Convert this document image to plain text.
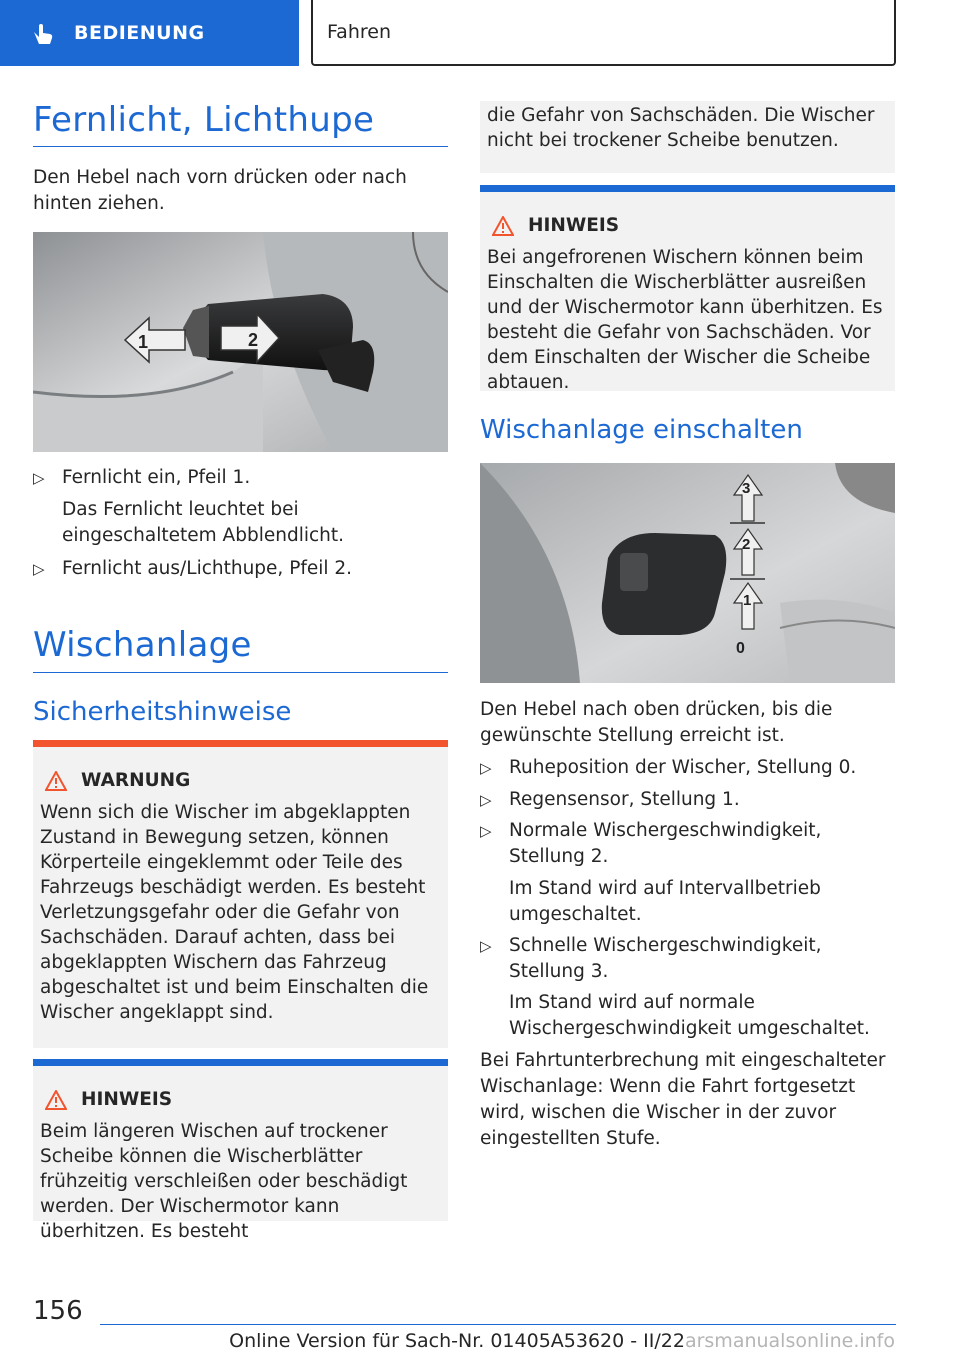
BEDIENUNG	Fahren
Fernlicht, Lichthupe
Den Hebel nach vorn drücken oder nach hinten ziehen.
1	2
▷ Fernlicht ein, Pfeil 1.
Das Fernlicht leuchtet bei eingeschaltetem Abblendlicht.
▷ Fernlicht aus/Lichthupe, Pfeil 2.
Wischanlage
Sicherheitshinweise
WARNUNG
Wenn sich die Wischer im abgeklappten Zustand in Bewegung setzen, können Körperteile eingeklemmt oder Teile des Fahrzeugs beschädigt werden. Es besteht Verletzungsgefahr oder die Gefahr von Sachschäden. Darauf achten, dass bei abgeklappten Wischern das Fahrzeug abgeschaltet ist und beim Einschalten die Wischer angeklappt sind.
HINWEIS
Beim längeren Wischen auf trockener Scheibe können die Wischerblätter frühzeitig verschleißen oder beschädigt werden. Der Wischermotor kann überhitzen. Es besteht
die Gefahr von Sachschäden. Die Wischer nicht bei trockener Scheibe benutzen.
HINWEIS
Bei angefrorenen Wischern können beim Einschalten die Wischerblätter ausreißen und der Wischermotor kann überhitzen. Es besteht die Gefahr von Sachschäden. Vor dem Einschalten der Wischer die Scheibe abtauen.
Wischanlage einschalten
3
2
1
0
Den Hebel nach oben drücken, bis die gewünschte Stellung erreicht ist.
▷ Ruheposition der Wischer, Stellung 0.
▷ Regensensor, Stellung 1.
▷ Normale Wischergeschwindigkeit, Stellung 2.
Im Stand wird auf Intervallbetrieb umgeschaltet.
▷ Schnelle Wischergeschwindigkeit, Stellung 3.
Im Stand wird auf normale Wischergeschwindigkeit umgeschaltet.
Bei Fahrtunterbrechung mit eingeschalteter Wischanlage: Wenn die Fahrt fortgesetzt wird, wischen die Wischer in der zuvor eingestellten Stufe.
156
Online Version für Sach-Nr. 01405A53620 - II/22arsmanualsonline.info
